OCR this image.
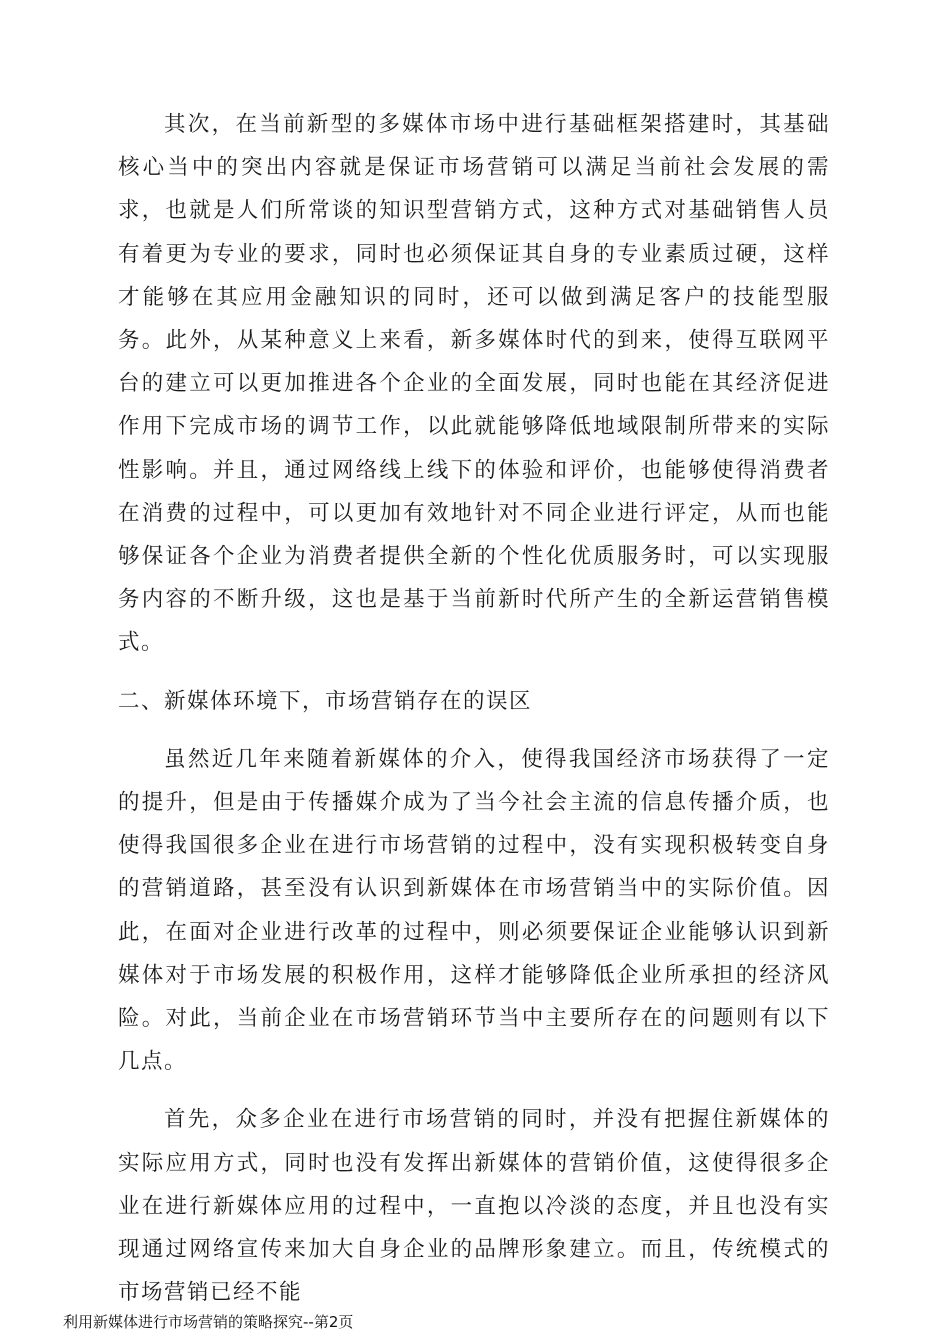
其次，在当前新型的多媒体市场中进行基础框架搭建时，其基础核心当中的突出内容就是保证市场营销可以满足当前社会发展的需求，也就是人们所常谈的知识型营销方式，这种方式对基础销售人员有着更为专业的要求，同时也必须保证其自身的专业素质过硬，这样才能够在其应用金融知识的同时，还可以做到满足客户的技能型服务。此外，从某种意义上来看，新多媒体时代的到来，使得互联网平台的建立可以更加推进各个企业的全面发展，同时也能在其经济促进作用下完成市场的调节工作，以此就能够降低地域限制所带来的实际性影响。并且，通过网络线上线下的体验和评价，也能够使得消费者在消费的过程中，可以更加有效地针对不同企业进行评定，从而也能够保证各个企业为消费者提供全新的个性化优质服务时，可以实现服务内容的不断升级，这也是基于当前新时代所产生的全新运营销售模式。

二、新媒体环境下，市场营销存在的误区

虽然近几年来随着新媒体的介入，使得我国经济市场获得了一定的提升，但是由于传播媒介成为了当今社会主流的信息传播介质，也使得我国很多企业在进行市场营销的过程中，没有实现积极转变自身的营销道路，甚至没有认识到新媒体在市场营销当中的实际价值。因此，在面对企业进行改革的过程中，则必须要保证企业能够认识到新媒体对于市场发展的积极作用，这样才能够降低企业所承担的经济风险。对此，当前企业在市场营销环节当中主要所存在的问题则有以下几点。

首先，众多企业在进行市场营销的同时，并没有把握住新媒体的实际应用方式，同时也没有发挥出新媒体的营销价值，这使得很多企业在进行新媒体应用的过程中，一直抱以冷淡的态度，并且也没有实现通过网络宣传来加大自身企业的品牌形象建立。而且，传统模式的市场营销已经不能

利用新媒体进行市场营销的策略探究--第2页
